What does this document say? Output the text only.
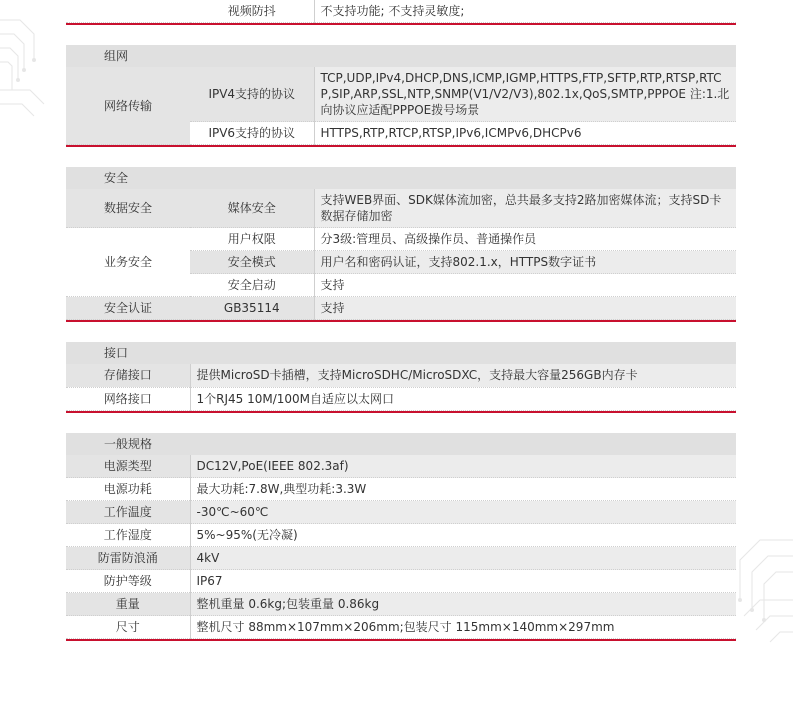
	视频防抖	不支持功能; 不支持灵敏度;
组网		
网络传输	IPV4支持的协议	TCP,UDP,IPv4,DHCP,DNS,ICMP,IGMP,HTTPS,FTP,SFTP,RTP,RTSP,RTCP,SIP,ARP,SSL,NTP,SNMP(V1/V2/V3),802.1x,QoS,SMTP,PPPOE 注:1.北向协议应适配PPPOE拨号场景
	IPV6支持的协议	HTTPS,RTP,RTCP,RTSP,IPv6,ICMPv6,DHCPv6
安全		
数据安全	媒体安全	支持WEB界面、SDK媒体流加密，总共最多支持2路加密媒体流；支持SD卡数据存储加密
业务安全	用户权限	分3级:管理员、高级操作员、普通操作员
	安全模式	用户名和密码认证，支持802.1.x，HTTPS数字证书
	安全启动	支持
安全认证	GB35114	支持
接口	
存储接口	提供MicroSD卡插槽，支持MicroSDHC/MicroSDXC，支持最大容量256GB内存卡
网络接口	1个RJ45 10M/100M自适应以太网口
一般规格	
电源类型	DC12V,PoE(IEEE 802.3af)
电源功耗	最大功耗:7.8W,典型功耗:3.3W
工作温度	-30℃~60℃
工作湿度	5%~95%(无冷凝)
防雷防浪涌	4kV
防护等级	IP67
重量	整机重量 0.6kg;包装重量 0.86kg
尺寸	整机尺寸 88mm×107mm×206mm;包装尺寸 115mm×140mm×297mm
